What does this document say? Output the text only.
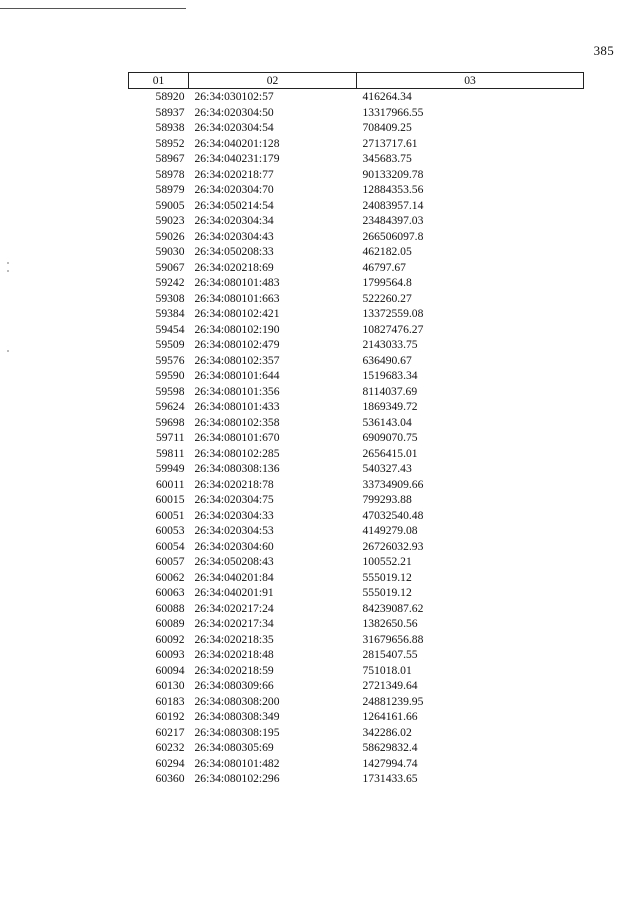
385
01	02	03
58920	26:34:030102:57	416264.34
58937	26:34:020304:50	13317966.55
58938	26:34:020304:54	708409.25
58952	26:34:040201:128	2713717.61
58967	26:34:040231:179	345683.75
58978	26:34:020218:77	90133209.78
58979	26:34:020304:70	12884353.56
59005	26:34:050214:54	24083957.14
59023	26:34:020304:34	23484397.03
59026	26:34:020304:43	266506097.8
59030	26:34:050208:33	462182.05
59067	26:34:020218:69	46797.67
59242	26:34:080101:483	1799564.8
59308	26:34:080101:663	522260.27
59384	26:34:080102:421	13372559.08
59454	26:34:080102:190	10827476.27
59509	26:34:080102:479	2143033.75
59576	26:34:080102:357	636490.67
59590	26:34:080101:644	1519683.34
59598	26:34:080101:356	8114037.69
59624	26:34:080101:433	1869349.72
59698	26:34:080102:358	536143.04
59711	26:34:080101:670	6909070.75
59811	26:34:080102:285	2656415.01
59949	26:34:080308:136	540327.43
60011	26:34:020218:78	33734909.66
60015	26:34:020304:75	799293.88
60051	26:34:020304:33	47032540.48
60053	26:34:020304:53	4149279.08
60054	26:34:020304:60	26726032.93
60057	26:34:050208:43	100552.21
60062	26:34:040201:84	555019.12
60063	26:34:040201:91	555019.12
60088	26:34:020217:24	84239087.62
60089	26:34:020217:34	1382650.56
60092	26:34:020218:35	31679656.88
60093	26:34:020218:48	2815407.55
60094	26:34:020218:59	751018.01
60130	26:34:080309:66	2721349.64
60183	26:34:080308:200	24881239.95
60192	26:34:080308:349	1264161.66
60217	26:34:080308:195	342286.02
60232	26:34:080305:69	58629832.4
60294	26:34:080101:482	1427994.74
60360	26:34:080102:296	1731433.65
